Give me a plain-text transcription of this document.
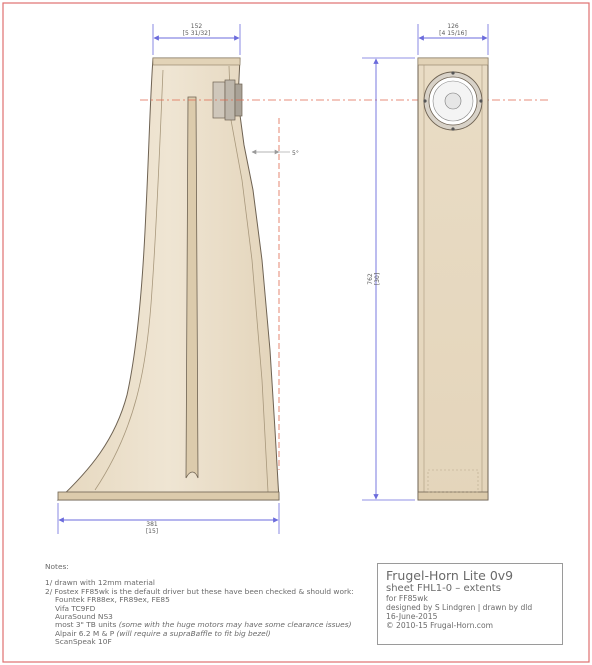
5°
152
[5 31/32]
381
[15]
126
[4 15/16]
762 [30]
Notes:
1/ drawn with 12mm material
2/ Fostex FF85wk is the default driver but these have been checked & should work:
Fountek FR88ex, FR89ex, FE85
Vifa TC9FD
AuraSound NS3
most 3" TB units (some with the huge motors may have some clearance issues)
Alpair 6.2 M & P (will require a supraBaffle to fit big bezel)
ScanSpeak 10F
Frugel-Horn Lite 0v9
sheet FHL1-0 – extents
for FF85wk
designed by S Lindgren | drawn by dld
16-June-2015
© 2010-15 Frugal-Horn.com
